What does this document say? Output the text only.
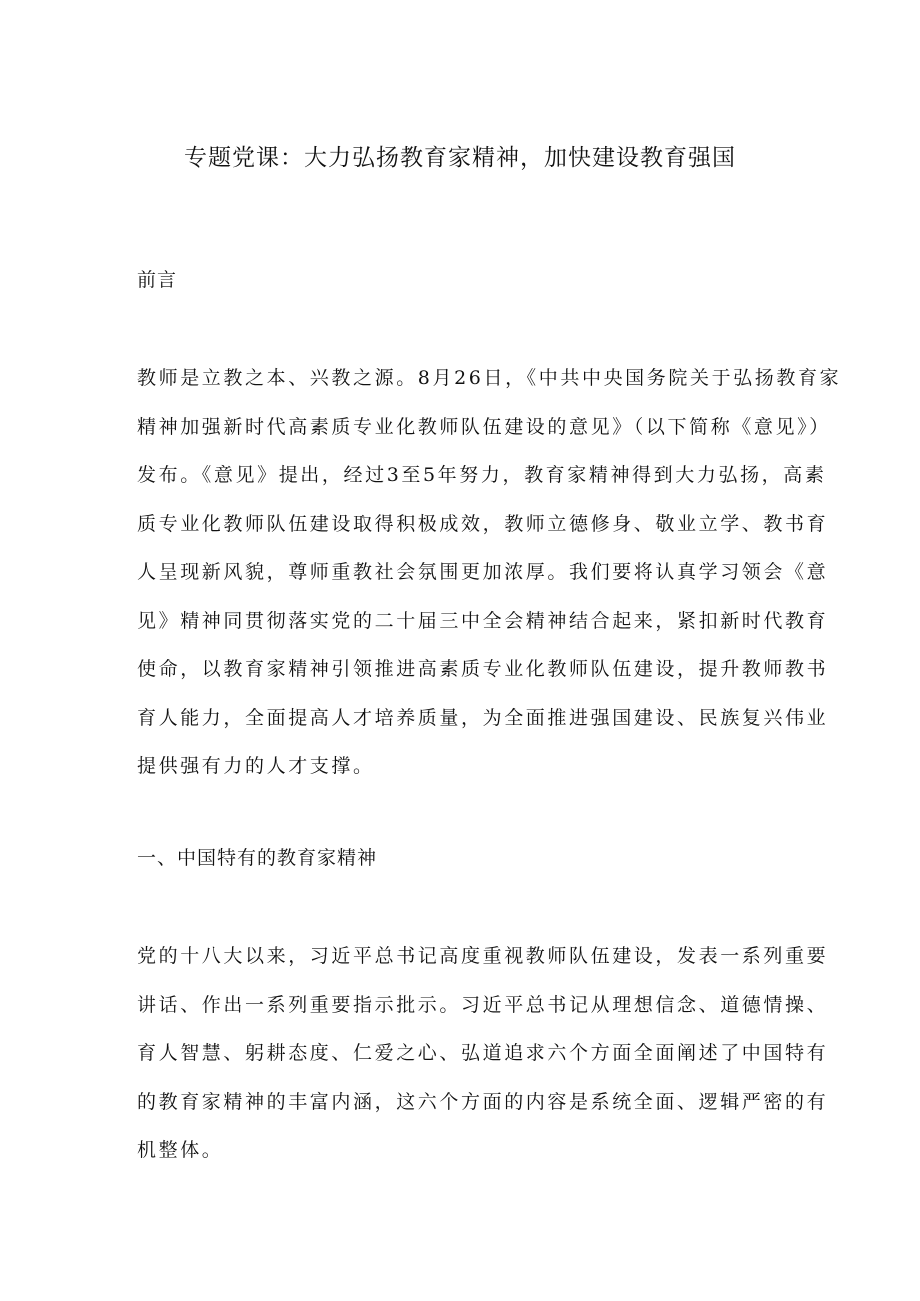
专题党课：大力弘扬教育家精神，加快建设教育强国
前言

教师是立教之本、兴教之源。8月26日，《中共中央国务院关于弘扬教育家
精神加强新时代高素质专业化教师队伍建设的意见》（以下简称《意见》）
发布。《意见》提出，经过3至5年努力，教育家精神得到大力弘扬，高素
质专业化教师队伍建设取得积极成效，教师立德修身、敬业立学、教书育
人呈现新风貌，尊师重教社会氛围更加浓厚。我们要将认真学习领会《意
见》精神同贯彻落实党的二十届三中全会精神结合起来，紧扣新时代教育
使命，以教育家精神引领推进高素质专业化教师队伍建设，提升教师教书
育人能力，全面提高人才培养质量，为全面推进强国建设、民族复兴伟业
提供强有力的人才支撑。

一、中国特有的教育家精神

党的十八大以来，习近平总书记高度重视教师队伍建设，发表一系列重要
讲话、作出一系列重要指示批示。习近平总书记从理想信念、道德情操、
育人智慧、躬耕态度、仁爱之心、弘道追求六个方面全面阐述了中国特有
的教育家精神的丰富内涵，这六个方面的内容是系统全面、逻辑严密的有
机整体。
